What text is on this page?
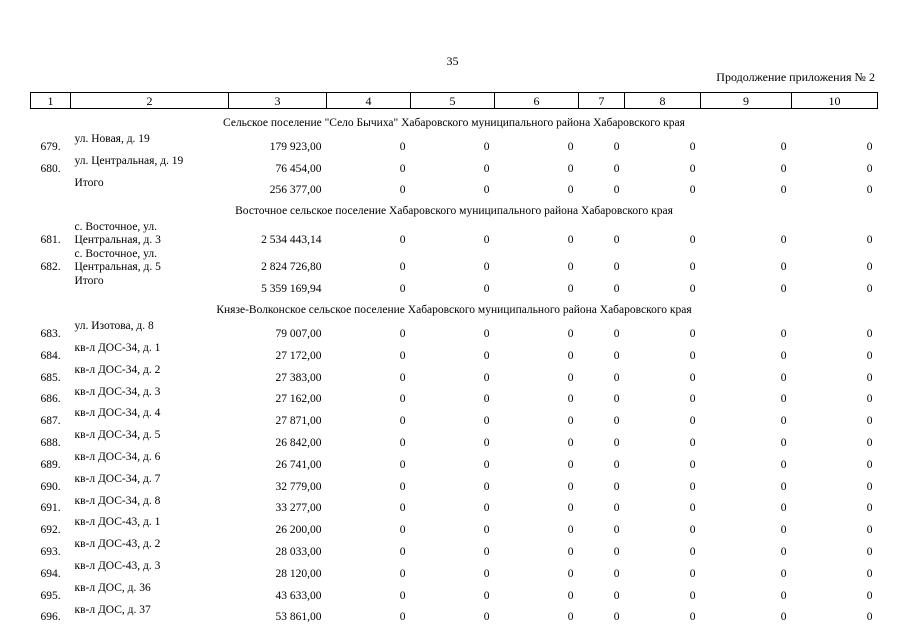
35
Продолжение приложения № 2
1	2	3	4	5	6	7	8	9	10
Сельское поселение "Село Бычиха" Хабаровского муниципального района Хабаровского края									
679.	ул. Новая, д. 19	179 923,00	0	0	0	0	0	0	0
680.	ул. Центральная, д. 19	76 454,00	0	0	0	0	0	0	0

	Итого	256 377,00	0	0	0	0	0	0	0
Восточное сельское поселение Хабаровского муниципального района Хабаровского края									
681.	с. Восточное, ул.
Центральная, д. 3	2 534 443,14	0	0	0	0	0	0	0
682.	с. Восточное, ул.
Центральная, д. 5	2 824 726,80	0	0	0	0	0	0	0

	Итого	5 359 169,94	0	0	0	0	0	0	0
Князе-Волконское сельское поселение Хабаровского муниципального района Хабаровского края									
683.	ул. Изотова, д. 8	79 007,00	0	0	0	0	0	0	0
684.	кв-л ДОС-34, д. 1	27 172,00	0	0	0	0	0	0	0
685.	кв-л ДОС-34, д. 2	27 383,00	0	0	0	0	0	0	0
686.	кв-л ДОС-34, д. 3	27 162,00	0	0	0	0	0	0	0
687.	кв-л ДОС-34, д. 4	27 871,00	0	0	0	0	0	0	0
688.	кв-л ДОС-34, д. 5	26 842,00	0	0	0	0	0	0	0
689.	кв-л ДОС-34, д. 6	26 741,00	0	0	0	0	0	0	0
690.	кв-л ДОС-34, д. 7	32 779,00	0	0	0	0	0	0	0
691.	кв-л ДОС-34, д. 8	33 277,00	0	0	0	0	0	0	0
692.	кв-л ДОС-43, д. 1	26 200,00	0	0	0	0	0	0	0
693.	кв-л ДОС-43, д. 2	28 033,00	0	0	0	0	0	0	0
694.	кв-л ДОС-43, д. 3	28 120,00	0	0	0	0	0	0	0
695.	кв-л ДОС, д. 36	43 633,00	0	0	0	0	0	0	0
696.	кв-л ДОС, д. 37	53 861,00	0	0	0	0	0	0	0
